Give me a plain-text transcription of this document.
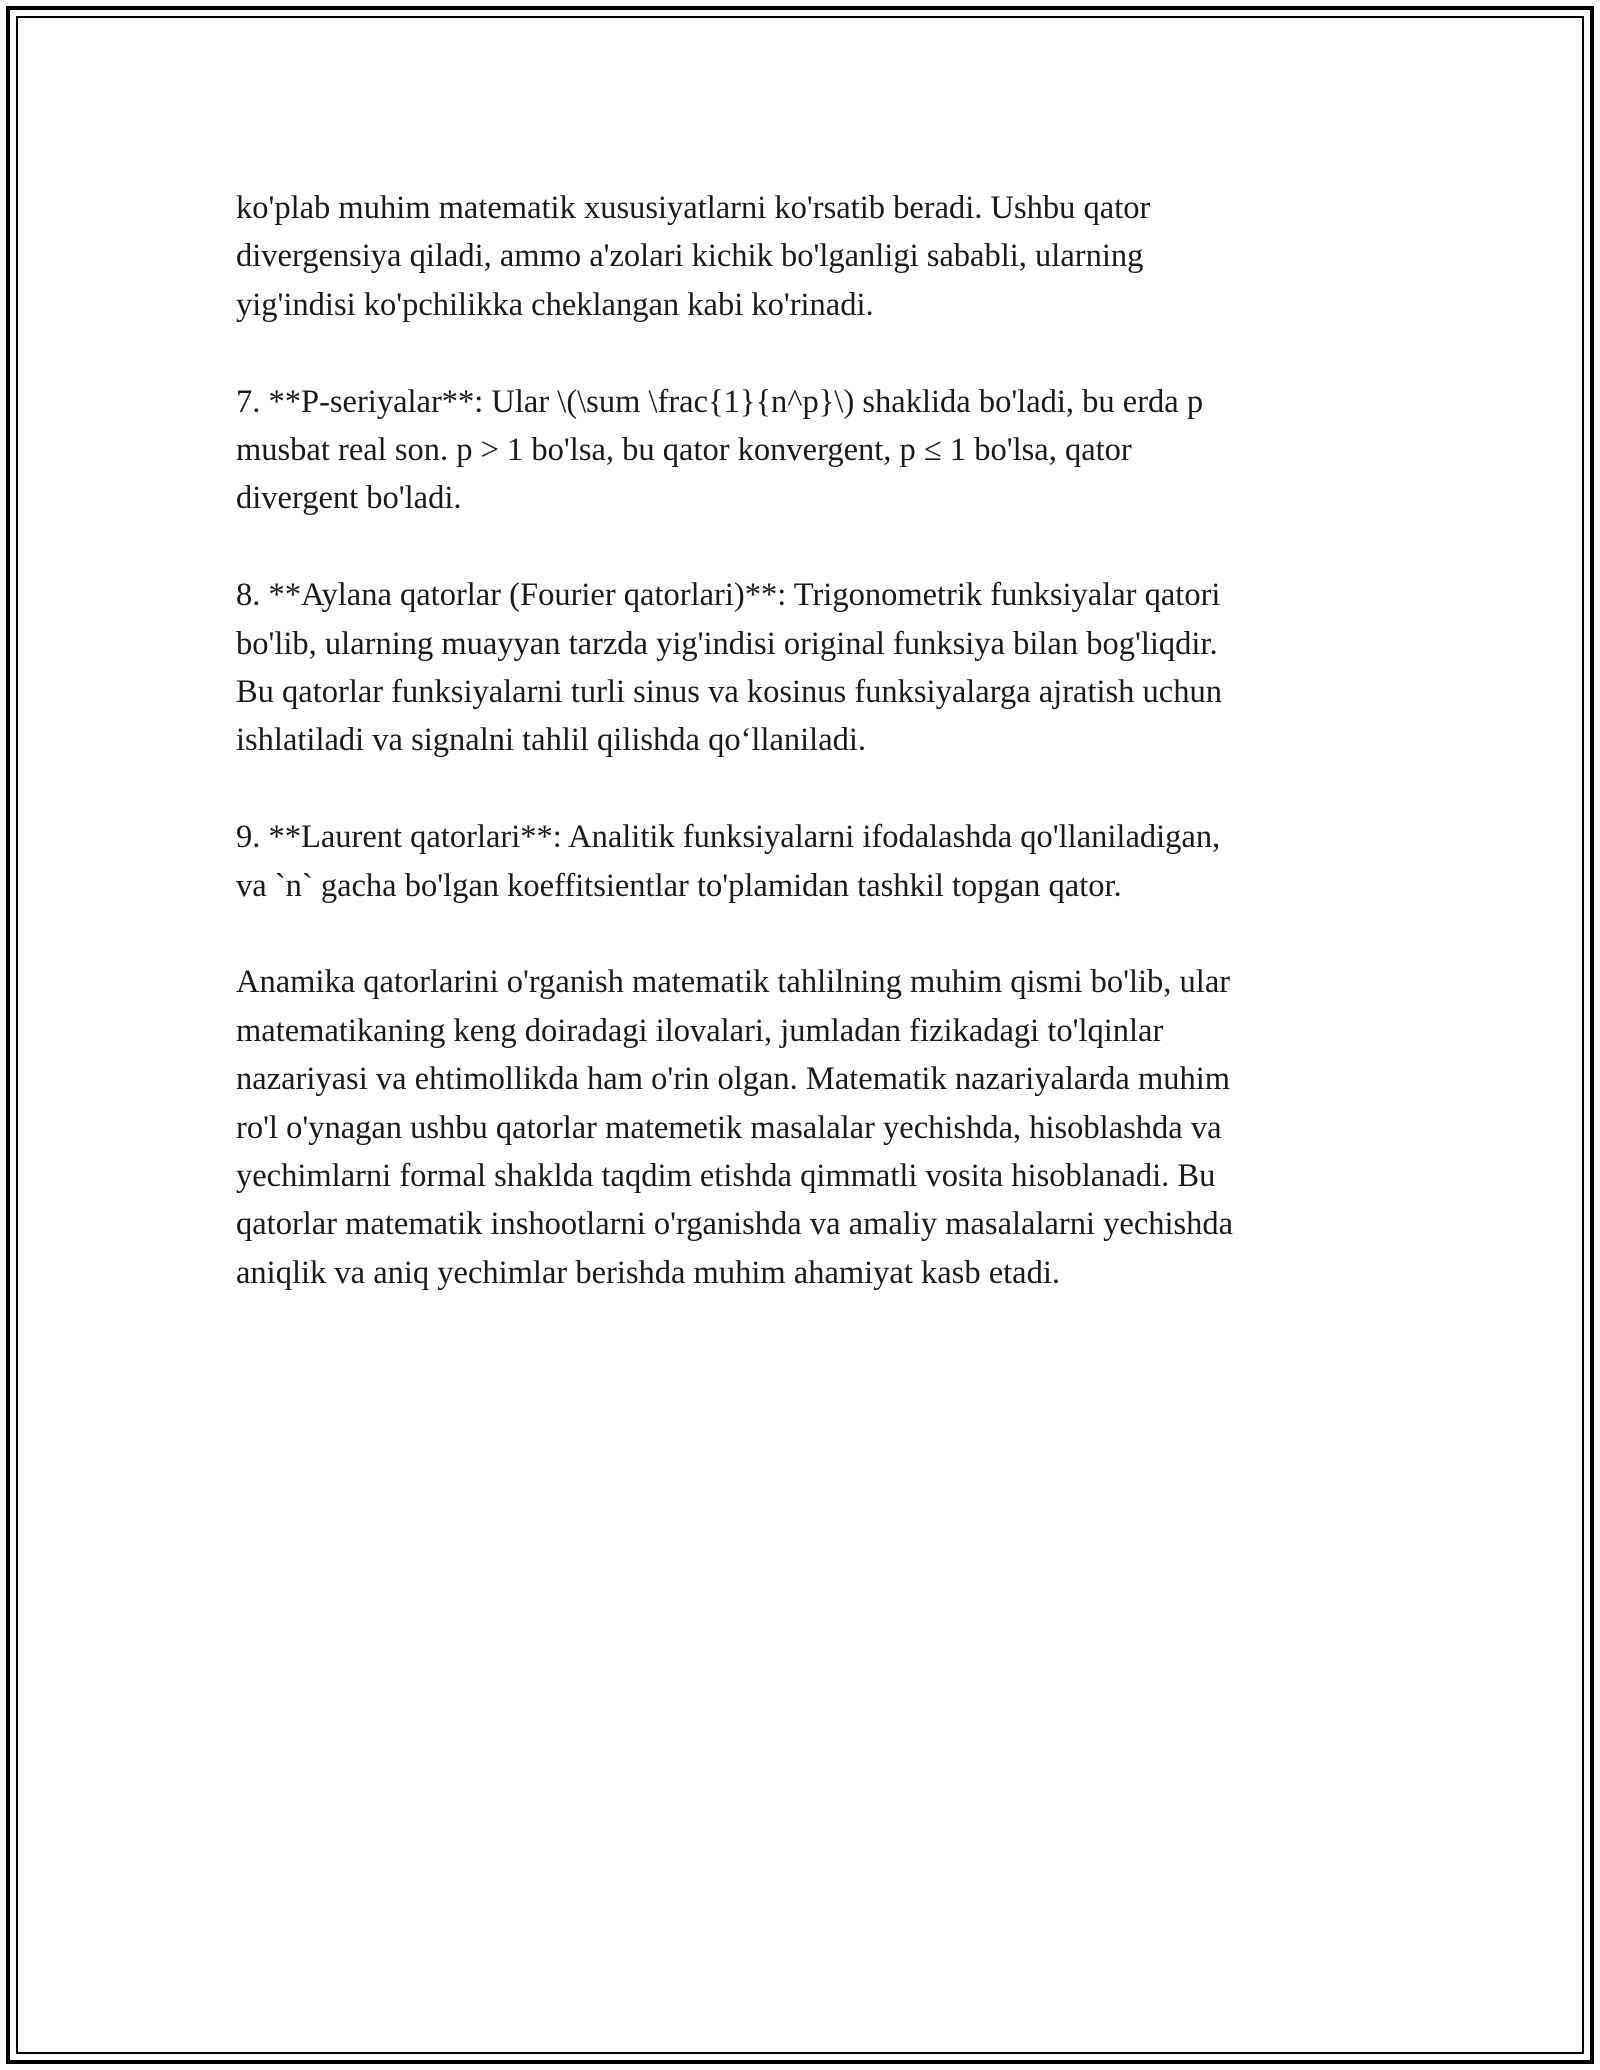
ko'plab muhim matematik xususiyatlarni ko'rsatib beradi. Ushbu qator
divergensiya qiladi, ammo a'zolari kichik bo'lganligi sababli, ularning
yig'indisi ko'pchilikka cheklangan kabi ko'rinadi.

7. **P-seriyalar**: Ular \(\sum \frac{1}{n^p}\) shaklida bo'ladi, bu erda p
musbat real son. p > 1 bo'lsa, bu qator konvergent, p ≤ 1 bo'lsa, qator
divergent bo'ladi.

8. **Aylana qatorlar (Fourier qatorlari)**: Trigonometrik funksiyalar qatori
bo'lib, ularning muayyan tarzda yig'indisi original funksiya bilan bog'liqdir.
Bu qatorlar funksiyalarni turli sinus va kosinus funksiyalarga ajratish uchun
ishlatiladi va signalni tahlil qilishda qo‘llaniladi.

9. **Laurent qatorlari**: Analitik funksiyalarni ifodalashda qo'llaniladigan,
va `n` gacha bo'lgan koeffitsientlar to'plamidan tashkil topgan qator.

Anamika qatorlarini o'rganish matematik tahlilning muhim qismi bo'lib, ular
matematikaning keng doiradagi ilovalari, jumladan fizikadagi to'lqinlar
nazariyasi va ehtimollikda ham o'rin olgan. Matematik nazariyalarda muhim
ro'l o'ynagan ushbu qatorlar matemetik masalalar yechishda, hisoblashda va
yechimlarni formal shaklda taqdim etishda qimmatli vosita hisoblanadi. Bu
qatorlar matematik inshootlarni o'rganishda va amaliy masalalarni yechishda
aniqlik va aniq yechimlar berishda muhim ahamiyat kasb etadi.
